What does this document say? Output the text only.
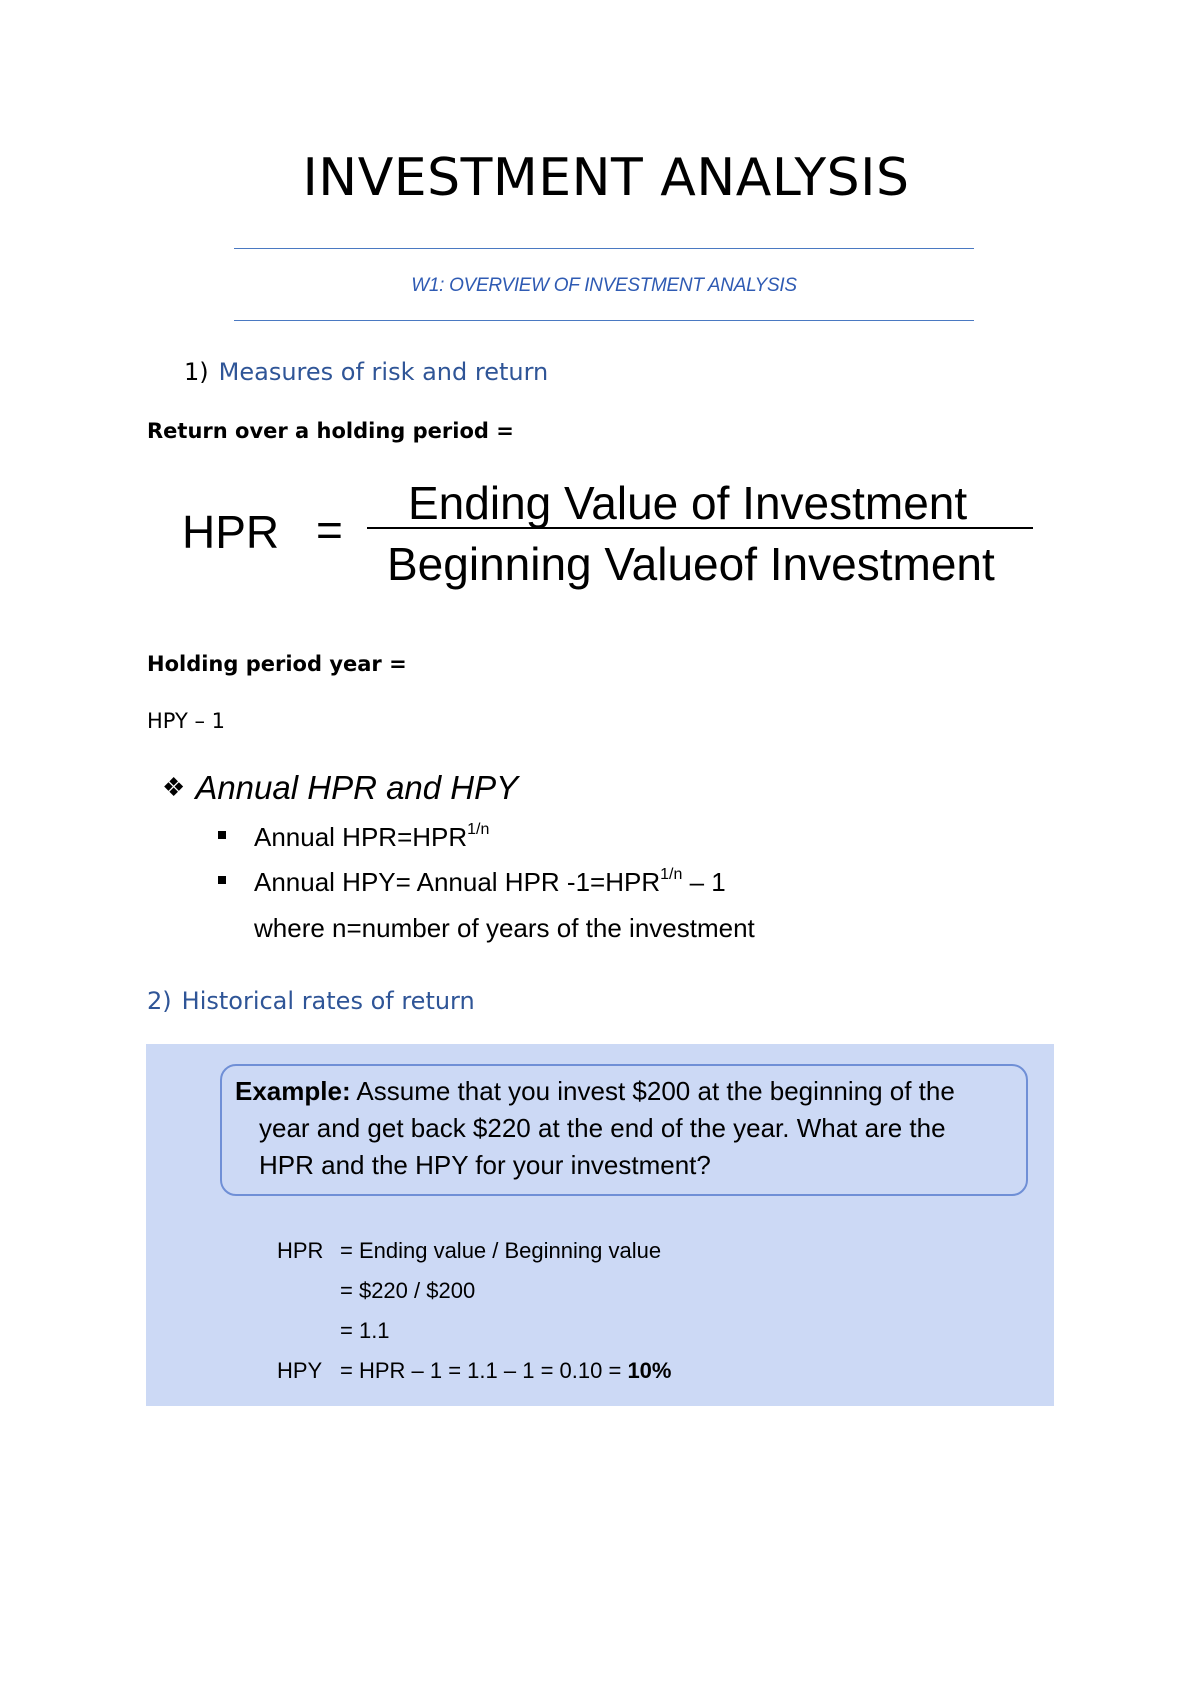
INVESTMENT ANALYSIS
W1: OVERVIEW OF INVESTMENT ANALYSIS
1) Measures of risk and return
Return over a holding period =
HPR =
Ending Value of Investment
Beginning Valueof Investment
Holding period year =
HPY – 1
❖ Annual HPR and HPY
Annual $HPR=HPR^{1/n}$
Annual HPY= Annual HPR $-1=HPR^{1/n} - 1$
where n=number of years of the investment
2) Historical rates of return
Example: Assume that you invest $200 at the beginning of the
year and get back $220 at the end of the year. What are the
HPR and the HPY for your investment?
HPR = Ending value / Beginning value
= $220 / $200
= 1.1
HPY = HPR – 1 = 1.1 – 1 = 0.10 = 10%
